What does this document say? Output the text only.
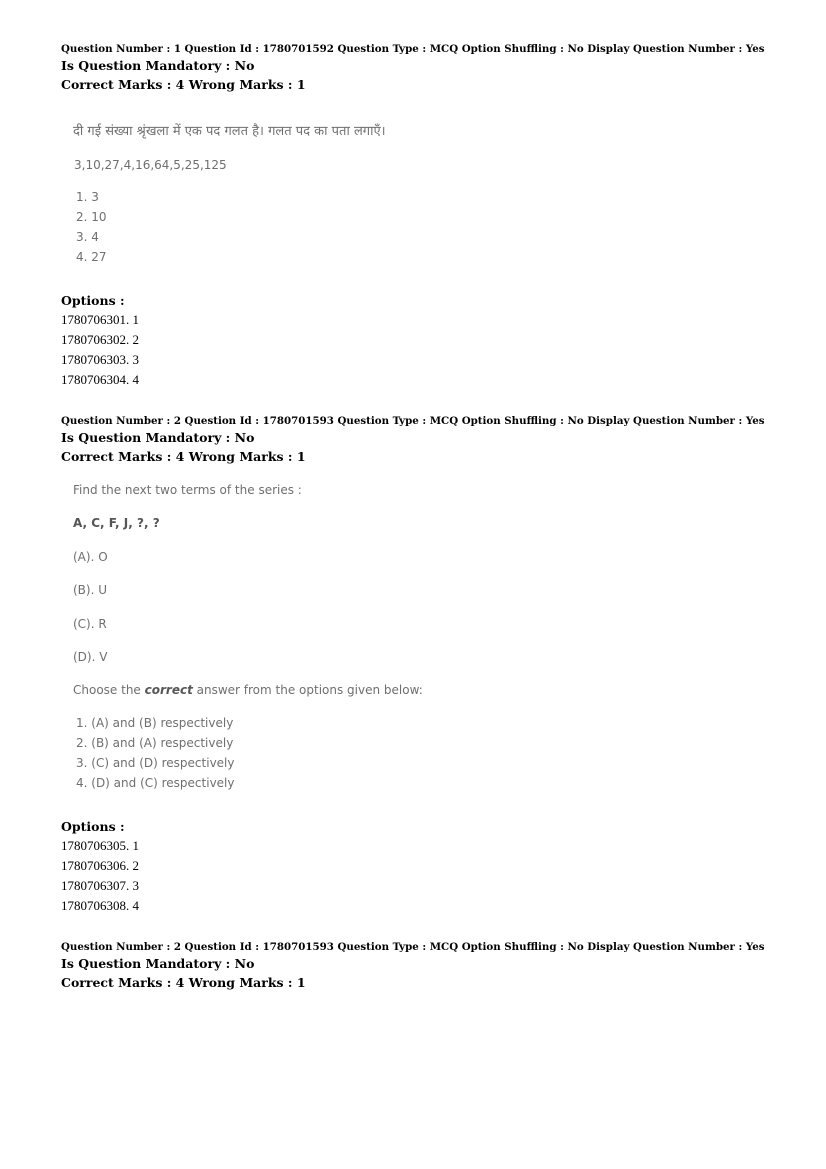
Question Number : 1 Question Id : 1780701592 Question Type : MCQ Option Shuffling : No Display Question Number : Yes
Is Question Mandatory : No
Correct Marks : 4 Wrong Marks : 1
दी गई संख्या श्रृंखला में एक पद गलत है। गलत पद का पता लगाएँ।
3,10,27,4,16,64,5,25,125
1. 3
2. 10
3. 4
4. 27
Options :
1780706301. 1
1780706302. 2
1780706303. 3
1780706304. 4
Question Number : 2 Question Id : 1780701593 Question Type : MCQ Option Shuffling : No Display Question Number : Yes
Is Question Mandatory : No
Correct Marks : 4 Wrong Marks : 1
Find the next two terms of the series :
A, C, F, J, ?, ?
(A). O
(B). U
(C). R
(D). V
Choose the correct answer from the options given below:
1. (A) and (B) respectively
2. (B) and (A) respectively
3. (C) and (D) respectively
4. (D) and (C) respectively
Options :
1780706305. 1
1780706306. 2
1780706307. 3
1780706308. 4
Question Number : 2 Question Id : 1780701593 Question Type : MCQ Option Shuffling : No Display Question Number : Yes
Is Question Mandatory : No
Correct Marks : 4 Wrong Marks : 1
